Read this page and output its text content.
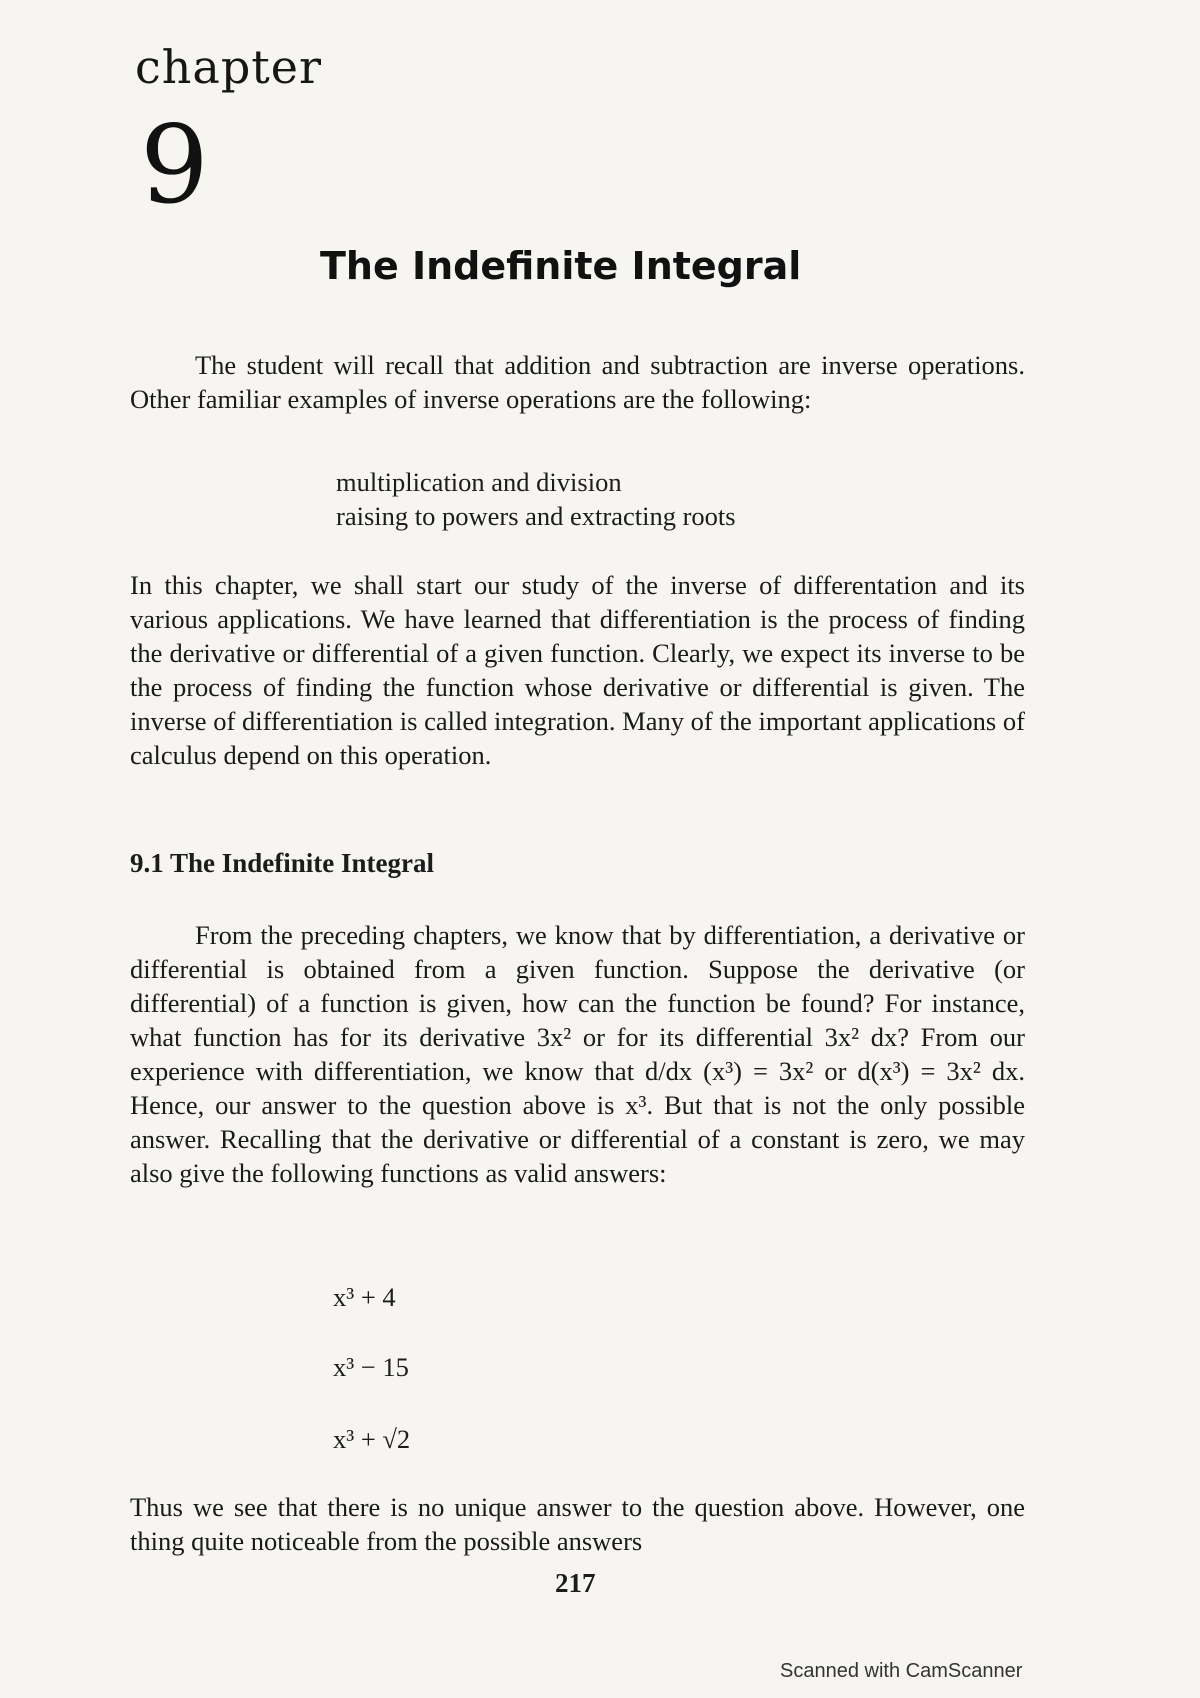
chapter
9
The Indefinite Integral
The student will recall that addition and subtraction are inverse operations. Other familiar examples of inverse operations are the following:
multiplication and division
raising to powers and extracting roots
In this chapter, we shall start our study of the inverse of differentation and its various applications. We have learned that differentiation is the process of finding the derivative or differential of a given function. Clearly, we expect its inverse to be the process of finding the function whose derivative or differential is given. The inverse of differentiation is called integration. Many of the important applications of calculus depend on this operation.
9.1 The Indefinite Integral
From the preceding chapters, we know that by differentiation, a derivative or differential is obtained from a given function. Suppose the derivative (or differential) of a function is given, how can the function be found? For instance, what function has for its derivative 3x² or for its differential 3x² dx? From our experience with differentiation, we know that d/dx (x³) = 3x² or d(x³) = 3x² dx. Hence, our answer to the question above is x³. But that is not the only possible answer. Recalling that the derivative or differential of a constant is zero, we may also give the following functions as valid answers:
x³ + 4
x³ − 15
x³ + √2
Thus we see that there is no unique answer to the question above. However, one thing quite noticeable from the possible answers
217
Scanned with CamScanner
